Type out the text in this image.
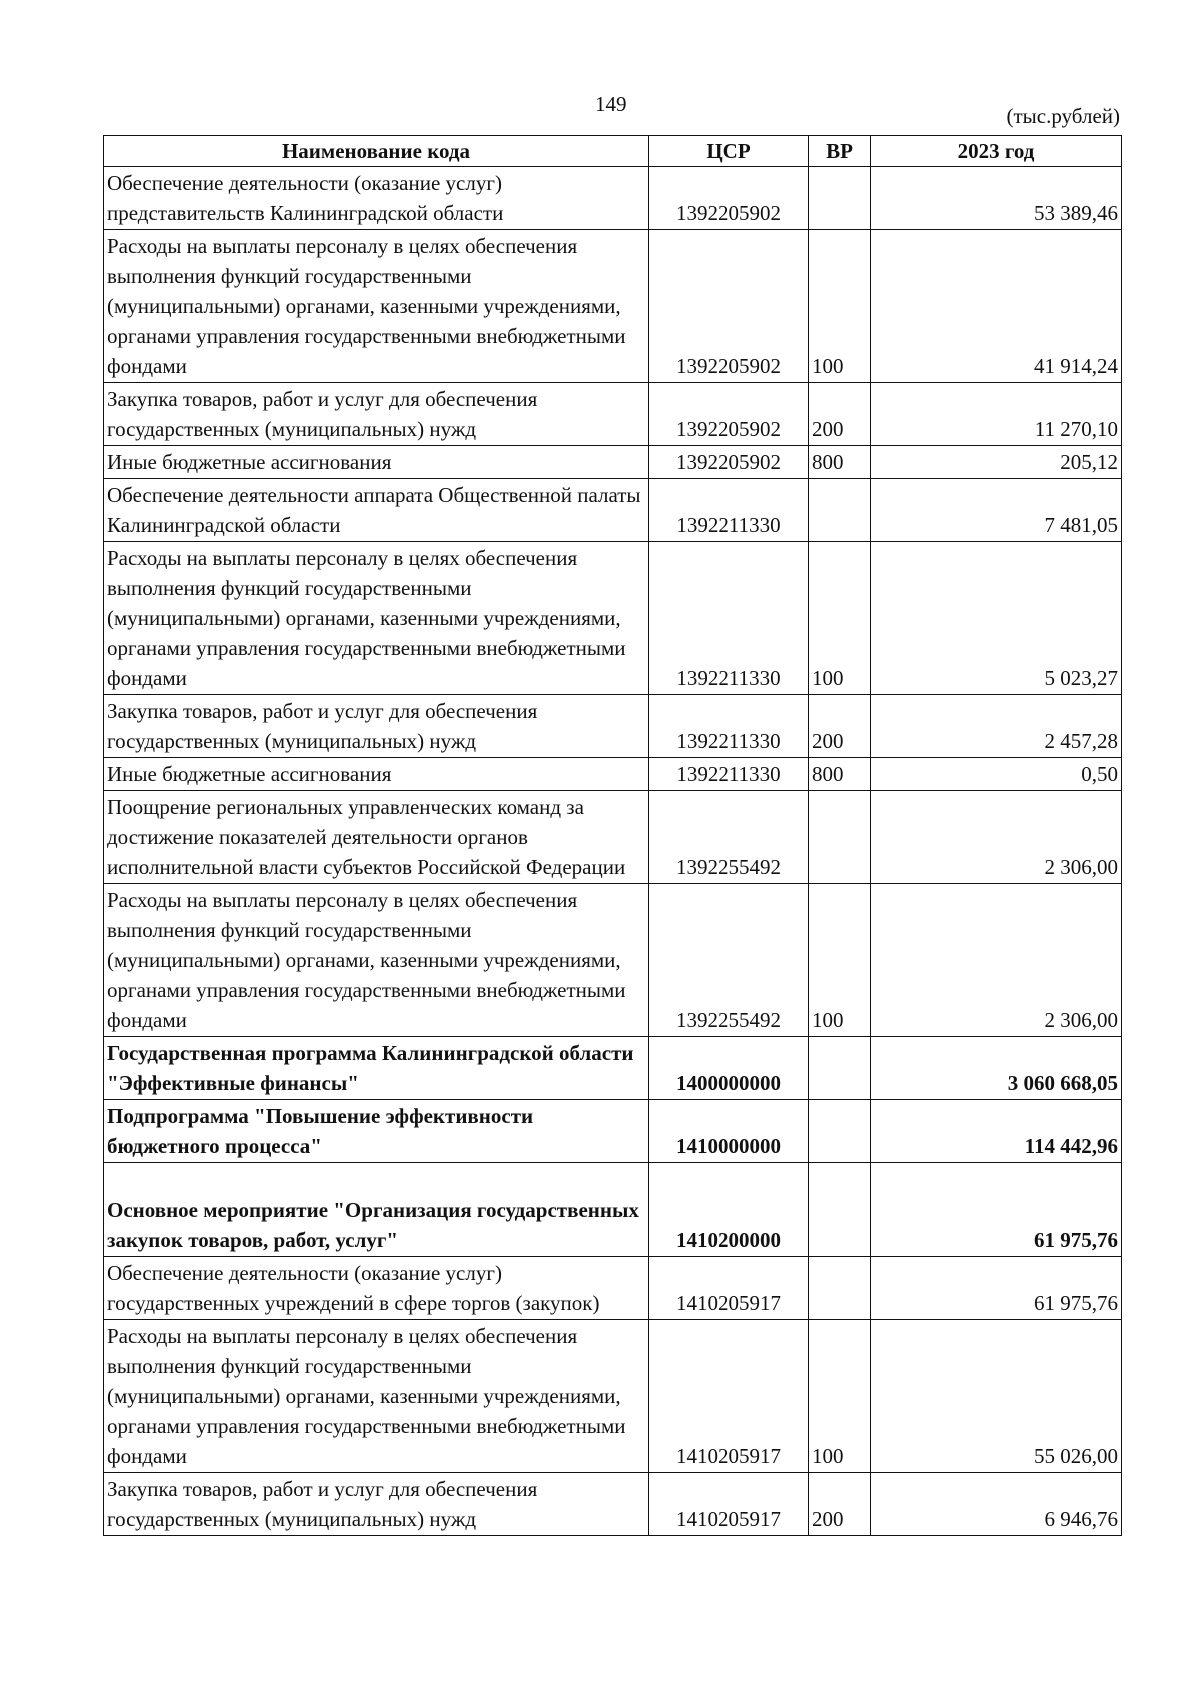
149	(тыс.рублей)
Наименование кода	ЦСР	ВР	2023 год
Обеспечение деятельности (оказание услуг) представительств Калининградской области	1392205902		53 389,46
Расходы на выплаты персоналу в целях обеспечения выполнения функций государственными (муниципальными) органами, казенными учреждениями, органами управления государственными внебюджетными фондами	1392205902	100	41 914,24
Закупка товаров, работ и услуг для обеспечения государственных (муниципальных) нужд	1392205902	200	11 270,10
Иные бюджетные ассигнования	1392205902	800	205,12
Обеспечение деятельности аппарата Общественной палаты Калининградской области	1392211330		7 481,05
Расходы на выплаты персоналу в целях обеспечения выполнения функций государственными (муниципальными) органами, казенными учреждениями, органами управления государственными внебюджетными фондами	1392211330	100	5 023,27
Закупка товаров, работ и услуг для обеспечения государственных (муниципальных) нужд	1392211330	200	2 457,28
Иные бюджетные ассигнования	1392211330	800	0,50
Поощрение региональных управленческих команд за достижение показателей деятельности органов исполнительной власти субъектов Российской Федерации	1392255492		2 306,00
Расходы на выплаты персоналу в целях обеспечения выполнения функций государственными (муниципальными) органами, казенными учреждениями, органами управления государственными внебюджетными фондами	1392255492	100	2 306,00
Государственная программа Калининградской области "Эффективные финансы"	1400000000		3 060 668,05
Подпрограмма "Повышение эффективности бюджетного процесса"	1410000000		114 442,96
Основное мероприятие "Организация государственных закупок товаров, работ, услуг"	1410200000		61 975,76
Обеспечение деятельности (оказание услуг) государственных учреждений в сфере торгов (закупок)	1410205917		61 975,76
Расходы на выплаты персоналу в целях обеспечения выполнения функций государственными (муниципальными) органами, казенными учреждениями, органами управления государственными внебюджетными фондами	1410205917	100	55 026,00
Закупка товаров, работ и услуг для обеспечения государственных (муниципальных) нужд	1410205917	200	6 946,76
